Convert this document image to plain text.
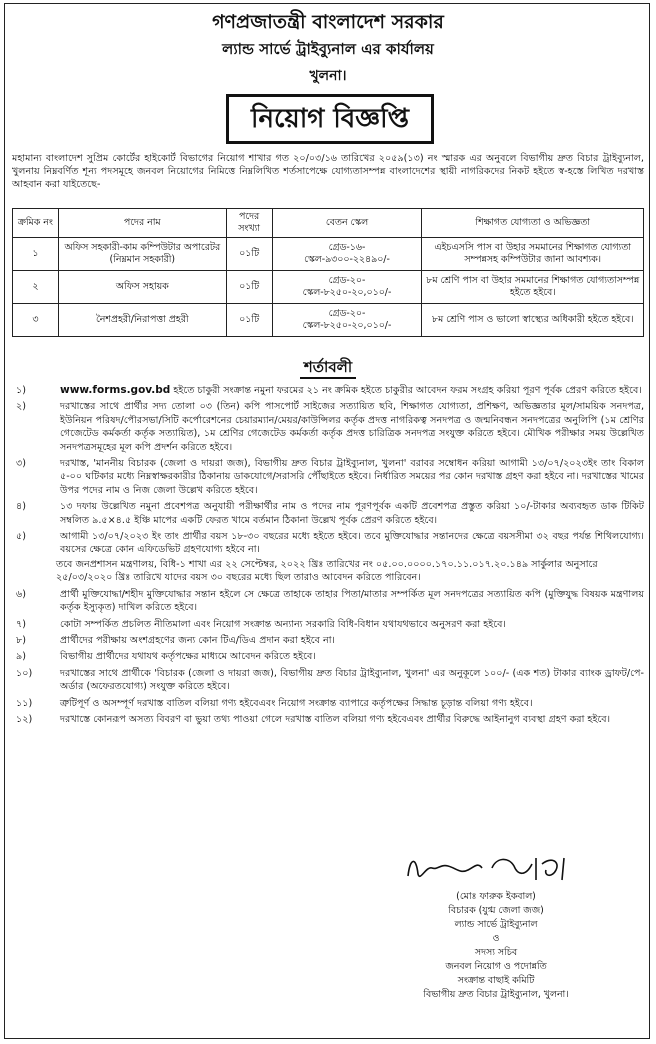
গণপ্রজাতন্ত্রী বাংলাদেশ সরকার
ল্যান্ড সার্ভে ট্রাইব্যুনাল এর কার্যালয়
খুলনা।
নিয়োগ বিজ্ঞপ্তি
মহামান্য বাংলাদেশ সুপ্রিম কোর্টের হাইকোর্ট বিভাগের নিয়োগ শাখার গত ২০/০৩/১৬ তারিখের ২০৫৯(১৩) নং স্মারক এর অনুবলে বিভাগীয় দ্রুত বিচার ট্রাইব্যুনাল, খুলনায় নিম্নবর্ণিত শূন্য পদসমূহে জনবল নিয়োগের নিমিত্তে নিম্নলিখিত শর্তসাপেক্ষে যোগ্যতাসম্পন্ন বাংলাদেশের স্থায়ী নাগরিকদের নিকট হইতে স্ব-হস্তে লিখিত দরখাস্ত আহবান করা যাইতেছে-
ক্রমিক নং	পদের নাম	পদের সংখ্যা	বেতন স্কেল	শিক্ষাগত যোগ্যতা ও অভিজ্ঞতা
১	অফিস সহকারী-কাম কম্পিউটার অপারেটর (নিম্নমান সহকারী)	০১টি	গ্রেড-১৬-
স্কেল-৯৩০০-২২৪৯০/-	এইচএসসি পাস বা উহার সমমানের শিক্ষাগত যোগ্যতা সম্পন্নসহ কম্পিউটার জানা আবশ্যক।
২	অফিস সহায়ক	০১টি	গ্রেড-২০-
স্কেল-৮২৫০-২০,০১০/-	৮ম শ্রেণি পাস বা উহার সমমানের শিক্ষাগত যোগ্যতাসম্পন্ন হইতে হইবে।
৩	নৈশপ্রহরী/নিরাপত্তা প্রহরী	০১টি	গ্রেড-২০-
স্কেল-৮২৫০-২০,০১০/-	৮ম শ্রেণি পাস ও ভালো স্বাস্থ্যের অধিকারী হইতে হইবে।
শর্তাবলী
১)	www.forms.gov.bd হইতে চাকুরী সংক্রান্ত নমুনা ফরমের ২১ নং ক্রমিক হইতে চাকুরীর আবেদন ফরম সংগ্রহ করিয়া পূরণ পূর্বক প্রেরণ করিতে হইবে।
২)	দরখাস্তের সাথে প্রার্থীর সদ্য তোলা ০৩ (তিন) কপি পাসপোর্ট সাইজের সত্যায়িত ছবি, শিক্ষাগত যোগ্যতা, প্রশিক্ষণ, অভিজ্ঞতার মূল/সাময়িক সনদপত্র, ইউনিয়ন পরিষদ/পৌরসভা/সিটি কর্পোরেশনের চেয়ারম্যান/মেয়র/কাউন্সিলর কর্তৃক প্রদত্ত নাগরিকত্ব সনদপত্র ও জন্মনিবন্ধন সনদপত্রের অনুলিপি (১ম শ্রেণির গেজেটেড কর্মকর্তা কর্তৃক সত্যায়িত), ১ম শ্রেণির গেজেটেড কর্মকর্তা কর্তৃক প্রদত্ত চারিত্রিক সনদপত্র সংযুক্ত করিতে হইবে। মৌখিক পরীক্ষার সময় উল্লেখিত সনদপত্রসমূহের মূল কপি প্রদর্শন করিতে হইবে।
৩)	দরখাস্ত, 'মাননীয় বিচারক (জেলা ও দায়রা জজ), বিভাগীয় দ্রুত বিচার ট্রাইব্যুনাল, খুলনা' বরাবর সম্বোধন করিয়া আগামী ১৩/০৭/২০২৩ইং তাং বিকাল ৫-০০ ঘটিকার মধ্যে নিম্নস্বাক্ষরকারীর ঠিকানায় ডাকযোগে/সরাসরি পৌঁছাইতে হইবে। নির্ধারিত সময়ের পর কোন দরখাস্ত গ্রহণ করা হইবে না। দরখাস্তের খামের উপর পদের নাম ও নিজ জেলা উল্লেখ করিতে হইবে।
৪)	১৩ দফায় উল্লেখিত নমুনা প্রবেশপত্র অনুযায়ী পরীক্ষার্থীর নাম ও পদের নাম পূরণপূর্বক একটি প্রবেশপত্র প্রস্তুত করিয়া ১০/-টাকার অব্যবহৃত ডাক টিকিট সম্বলিত ৯.৫×৪.৫ ইঞ্চি মাপের একটি ফেরত খামে বর্তমান ঠিকানা উল্লেখ পূর্বক প্রেরণ করিতে হইবে।
৫)	আগামী ১৩/০৭/২০২৩ ইং তাং প্রার্থীর বয়স ১৮-৩০ বছরের মধ্যে হইতে হইবে। তবে মুক্তিযোদ্ধার সন্তানদের ক্ষেত্রে বয়সসীমা ৩২ বছর পর্যন্ত শিথিলযোগ্য। বয়সের ক্ষেত্রে কোন এফিডেভিট গ্রহণযোগ্য হইবে না।
তবে জনপ্রশাসন মন্ত্রণালয়, বিধি-১ শাখা এর ২২ সেপ্টেম্বর, ২০২২ খ্রিঃ তারিখের নং ০৫.০০.০০০০.১৭০.১১.০১৭.২০.১৪৯ সার্কুলার অনুসারে ২৫/০৩/২০২০ খ্রিঃ তারিখে যাদের বয়স ৩০ বছরের মধ্যে ছিল তারাও আবেদন করিতে পারিবেন।
৬)	প্রার্থী মুক্তিযোদ্ধা/শহীদ মুক্তিযোদ্ধার সন্তান হইলে সে ক্ষেত্রে তাহাকে তাহার পিতা/মাতার সম্পর্কিত মূল সনদপত্রের সত্যায়িত কপি (মুক্তিযুদ্ধ বিষয়ক মন্ত্রণালয় কর্তৃক ইস্যুকৃত) দাখিল করিতে হইবে।
৭)	কোটা সম্পর্কিত প্রচলিত নীতিমালা এবং নিয়োগ সংক্রান্ত অন্যান্য সরকারি বিধি-বিধান যথাযথভাবে অনুসরণ করা হইবে।
৮)	প্রার্থীদের পরীক্ষায় অংশগ্রহণের জন্য কোন টিএ/ডিএ প্রদান করা হইবে না।
৯)	বিভাগীয় প্রার্থীদের যথাযথ কর্তৃপক্ষের মাধ্যমে আবেদন করিতে হইবে।
১০)	দরখাস্তের সাথে প্রার্থীকে 'বিচারক (জেলা ও দায়রা জজ), বিভাগীয় দ্রুত বিচার ট্রাইব্যুনাল, খুলনা' এর অনুকূলে ১০০/- (এক শত) টাকার ব্যাংক ড্রাফট/পে-অর্ডার (অফেরতযোগ্য) সংযুক্ত করিতে হইবে।
১১)	ত্রুটিপূর্ণ ও অসম্পূর্ণ দরখাস্ত বাতিল বলিয়া গণ্য হইবেএবং নিয়োগ সংক্রান্ত ব্যাপারে কর্তৃপক্ষের সিদ্ধান্ত চূড়ান্ত বলিয়া গণ্য হইবে।
১২)	দরখাস্তে কোনরূপ অসত্য বিবরণ বা ভুয়া তথ্য পাওয়া গেলে দরখাস্ত বাতিল বলিয়া গণ্য হইবেএবং প্রার্থীর বিরুদ্ধে আইনানুগ ব্যবস্থা গ্রহণ করা হইবে।
(মোঃ ফারুক ইকবাল)
বিচারক (যুগ্ম জেলা জজ)
ল্যান্ড সার্ভে ট্রাইব্যুনাল
ও
সদস্য সচিব
জনবল নিয়োগ ও পদোন্নতি
সংক্রান্ত বাছাই কমিটি
বিভাগীয় দ্রুত বিচার ট্রাইব্যুনাল, খুলনা।
